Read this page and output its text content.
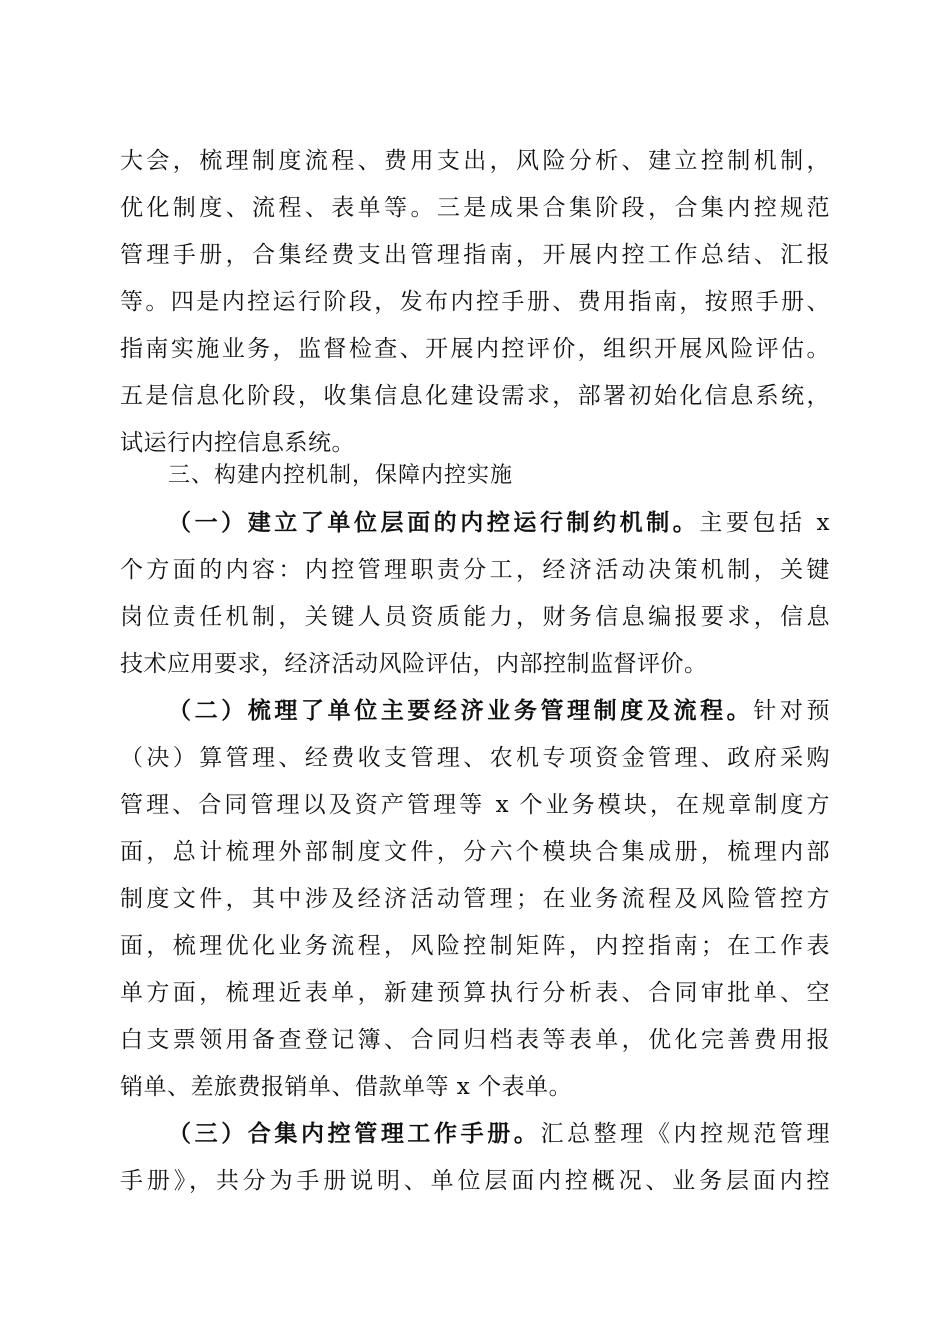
大会，梳理制度流程、费用支出，风险分析、建立控制机制，
优化制度、流程、表单等。三是成果合集阶段，合集内控规范
管理手册，合集经费支出管理指南，开展内控工作总结、汇报
等。四是内控运行阶段，发布内控手册、费用指南，按照手册、
指南实施业务，监督检查、开展内控评价，组织开展风险评估。
五是信息化阶段，收集信息化建设需求，部署初始化信息系统，
试运行内控信息系统。
三、构建内控机制，保障内控实施
（一）建立了单位层面的内控运行制约机制。主要包括 x
个方面的内容：内控管理职责分工，经济活动决策机制，关键
岗位责任机制，关键人员资质能力，财务信息编报要求，信息
技术应用要求，经济活动风险评估，内部控制监督评价。
（二）梳理了单位主要经济业务管理制度及流程。针对预
（决）算管理、经费收支管理、农机专项资金管理、政府采购
管理、合同管理以及资产管理等 x 个业务模块，在规章制度方
面，总计梳理外部制度文件，分六个模块合集成册，梳理内部
制度文件，其中涉及经济活动管理；在业务流程及风险管控方
面，梳理优化业务流程，风险控制矩阵，内控指南；在工作表
单方面，梳理近表单，新建预算执行分析表、合同审批单、空
白支票领用备查登记簿、合同归档表等表单，优化完善费用报
销单、差旅费报销单、借款单等 x 个表单。
（三）合集内控管理工作手册。汇总整理《内控规范管理
手册》，共分为手册说明、单位层面内控概况、业务层面内控
